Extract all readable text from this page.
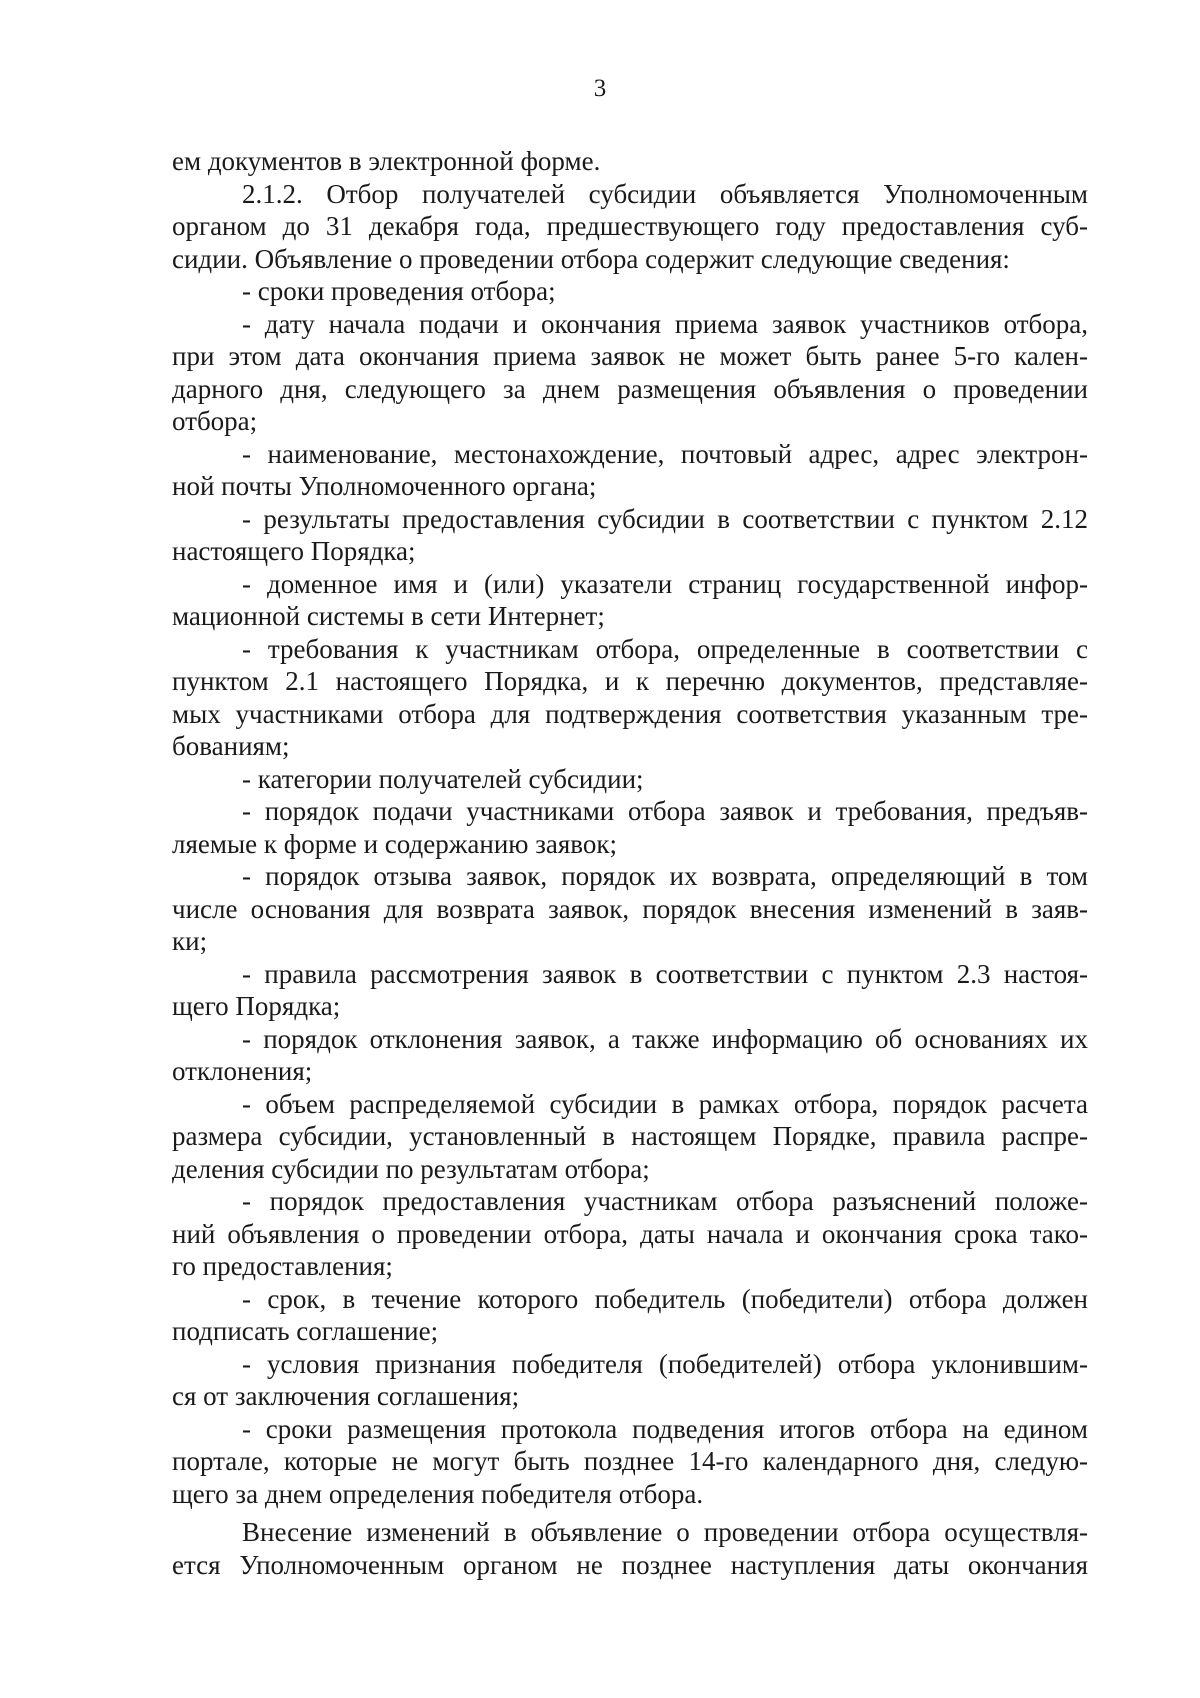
3

ем документов в электронной форме.

2.1.2. Отбор получателей субсидии объявляется Уполномоченным
органом до 31 декабря года, предшествующего году предоставления суб-
сидии. Объявление о проведении отбора содержит следующие сведения:

- сроки проведения отбора;

- дату начала подачи и окончания приема заявок участников отбора,
при этом дата окончания приема заявок не может быть ранее 5-го кален-
дарного дня, следующего за днем размещения объявления о проведении
отбора;

- наименование, местонахождение, почтовый адрес, адрес электрон-
ной почты Уполномоченного органа;

- результаты предоставления субсидии в соответствии с пунктом 2.12
настоящего Порядка;

- доменное имя и (или) указатели страниц государственной инфор-
мационной системы в сети Интернет;

- требования к участникам отбора, определенные в соответствии с
пунктом 2.1 настоящего Порядка, и к перечню документов, представляе-
мых участниками отбора для подтверждения соответствия указанным тре-
бованиям;

- категории получателей субсидии;

- порядок подачи участниками отбора заявок и требования, предъяв-
ляемые к форме и содержанию заявок;

- порядок отзыва заявок, порядок их возврата, определяющий в том
числе основания для возврата заявок, порядок внесения изменений в заяв-
ки;

- правила рассмотрения заявок в соответствии с пунктом 2.3 настоя-
щего Порядка;

- порядок отклонения заявок, а также информацию об основаниях их
отклонения;

- объем распределяемой субсидии в рамках отбора, порядок расчета
размера субсидии, установленный в настоящем Порядке, правила распре-
деления субсидии по результатам отбора;

- порядок предоставления участникам отбора разъяснений положе-
ний объявления о проведении отбора, даты начала и окончания срока тако-
го предоставления;

- срок, в течение которого победитель (победители) отбора должен
подписать соглашение;

- условия признания победителя (победителей) отбора уклонившим-
ся от заключения соглашения;

- сроки размещения протокола подведения итогов отбора на едином
портале, которые не могут быть позднее 14-го календарного дня, следую-
щего за днем определения победителя отбора.

Внесение изменений в объявление о проведении отбора осуществля-
ется Уполномоченным органом не позднее наступления даты окончания
